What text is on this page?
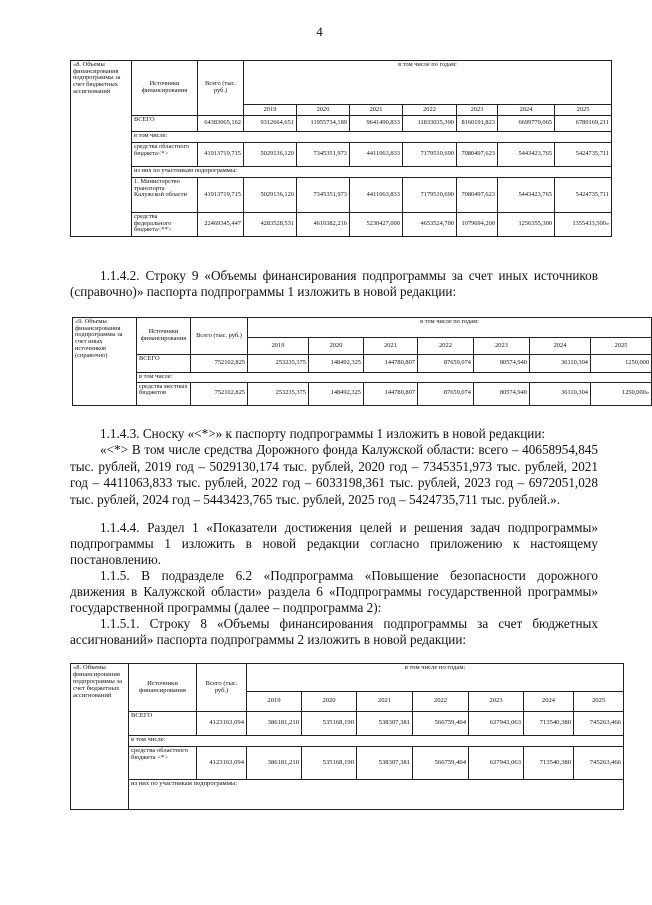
4
«8. Объемы финансирования подпрограммы за счет бюджетных ассигнований	Источники финансирования	Всего (тыс. руб.)	в том числе по годам:						
			2019	2020	2021	2022	2023	2024	2025
	ВСЕГО	64383065,162	9312664,651	11955734,189	9641490,833	11833035,390	8160191,823	6699779,065	6780169,211
	в том числе:								
	средства областного бюджета<*>	41913719,715	5029136,120	7345351,973	4411063,833	7179510,690	7080497,623	5443423,765	5424735,711
	из них по участникам подпрограммы:								
	1. Министерство транспорта Калужской области	41913719,715	5029136,120	7345351,973	4411063,833	7179510,690	7080497,623	5443423,765	5424735,711
	средства федерального бюджета<**>	22469345,447	4283528,531	4610382,216	5230427,000	4653524,700	1079694,200	1256355,300	1355433,500»
1.1.4.2. Строку 9 «Объемы финансирования подпрограммы за счет иных источников (справочно)» паспорта подпрограммы 1 изложить в новой редакции:
«9. Объемы финансирования подпрограммы за счет иных источников (справочно)	Источники финансирования	Всего (тыс. руб.)	в том числе по годам:						
			2019	2020	2021	2022	2023	2024	2025
	ВСЕГО	752102,825	253235,375	148492,325	144780,807	87659,074	80574,940	36110,304	1250,000
	в том числе:								
	средства местных бюджетов	752102,825	253235,375	148492,325	144780,807	87659,074	80574,940	36110,304	1250,000»
1.1.4.3. Сноску «<*>» к паспорту подпрограммы 1 изложить в новой редакции:
«<*> В том числе средства Дорожного фонда Калужской области: всего – 40658954,845 тыс. рублей, 2019 год – 5029130,174 тыс. рублей, 2020 год – 7345351,973 тыс. рублей, 2021 год – 4411063,833 тыс. рублей, 2022 год – 6033198,361 тыс. рублей, 2023 год – 6972051,028 тыс. рублей, 2024 год – 5443423,765 тыс. рублей, 2025 год – 5424735,711 тыс. рублей.».
1.1.4.4. Раздел 1 «Показатели достижения целей и решения задач подпрограммы» подпрограммы 1 изложить в новой редакции согласно приложению к настоящему постановлению.
1.1.5. В подразделе 6.2 «Подпрограмма «Повышение безопасности дорожного движения в Калужской области» раздела 6 «Подпрограммы государственной программы» государственной программы (далее – подпрограмма 2):
1.1.5.1. Строку 8 «Объемы финансирования подпрограммы за счет бюджетных ассигнований» паспорта подпрограммы 2 изложить в новой редакции:
«8. Объемы финансирования подпрограммы за счет бюджетных ассигнований	Источники финансирования	Всего (тыс. руб.)	в том числе по годам:						
			2019	2020	2021	2022	2023	2024	2025
	ВСЕГО	4123163,094	386181,210	535168,190	538307,381	566759,404	637943,063	713540,380	745263,466
	в том числе:								
	средства областного бюджета <*>	4123163,094	386181,210	535168,190	538307,381	566759,404	637943,063	713540,380	745263,466
	из них по участникам подпрограммы:								
